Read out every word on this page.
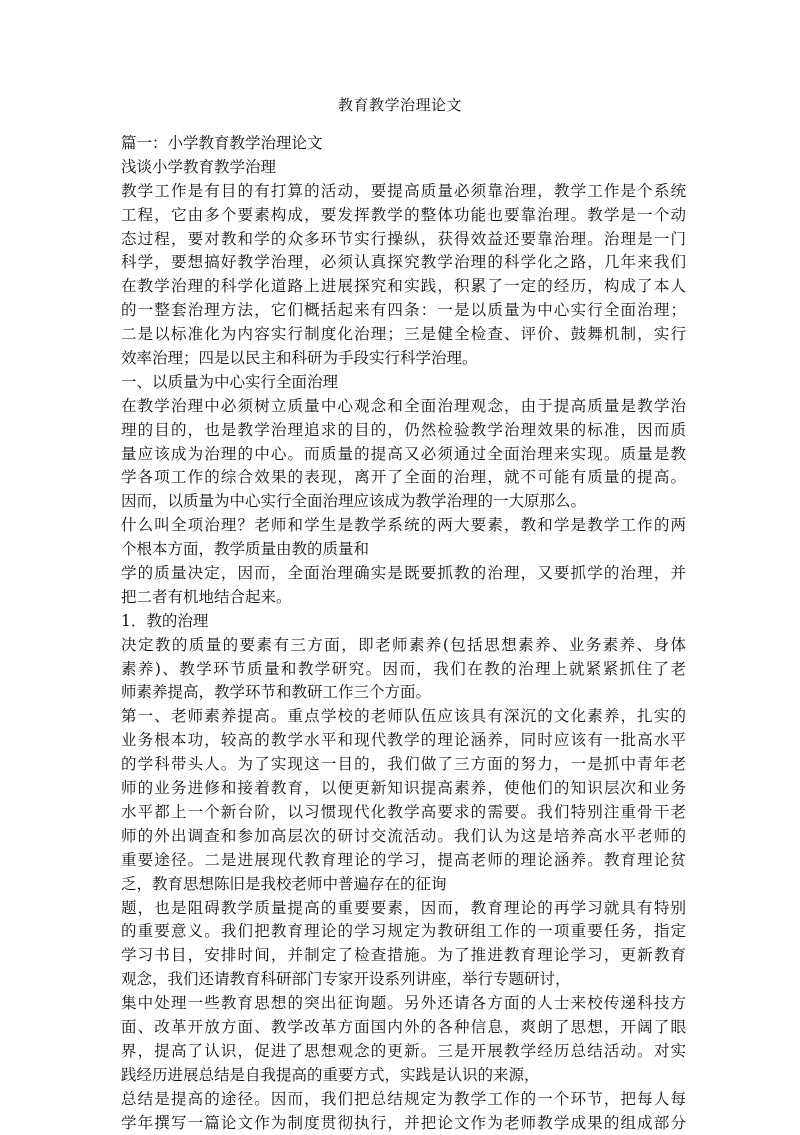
教育教学治理论文
篇一：小学教育教学治理论文
浅谈小学教育教学治理
教学工作是有目的有打算的活动，要提高质量必须靠治理，教学工作是个系统
工程，它由多个要素构成，要发挥教学的整体功能也要靠治理。教学是一个动
态过程，要对教和学的众多环节实行操纵，获得效益还要靠治理。治理是一门
科学，要想搞好教学治理，必须认真探究教学治理的科学化之路，几年来我们
在教学治理的科学化道路上进展探究和实践，积累了一定的经历，构成了本人
的一整套治理方法，它们概括起来有四条：一是以质量为中心实行全面治理；
二是以标准化为内容实行制度化治理；三是健全检查、评价、鼓舞机制，实行
效率治理；四是以民主和科研为手段实行科学治理。
一、以质量为中心实行全面治理
在教学治理中必须树立质量中心观念和全面治理观念，由于提高质量是教学治
理的目的，也是教学治理追求的目的，仍然检验教学治理效果的标准，因而质
量应该成为治理的中心。而质量的提高又必须通过全面治理来实现。质量是教
学各项工作的综合效果的表现，离开了全面的治理，就不可能有质量的提高。
因而，以质量为中心实行全面治理应该成为教学治理的一大原那么。
什么叫全项治理？老师和学生是教学系统的两大要素，教和学是教学工作的两
个根本方面，教学质量由教的质量和
学的质量决定，因而，全面治理确实是既要抓教的治理，又要抓学的治理，并
把二者有机地结合起来。
1．教的治理
决定教的质量的要素有三方面，即老师素养(包括思想素养、业务素养、身体
素养)、教学环节质量和教学研究。因而，我们在教的治理上就紧紧抓住了老
师素养提高，教学环节和教研工作三个方面。
第一、老师素养提高。重点学校的老师队伍应该具有深沉的文化素养，扎实的
业务根本功，较高的教学水平和现代教学的理论涵养，同时应该有一批高水平
的学科带头人。为了实现这一目的，我们做了三方面的努力，一是抓中青年老
师的业务进修和接着教育，以便更新知识提高素养，使他们的知识层次和业务
水平都上一个新台阶，以习惯现代化教学高要求的需要。我们特别注重骨干老
师的外出调查和参加高层次的研讨交流活动。我们认为这是培养高水平老师的
重要途径。二是进展现代教育理论的学习，提高老师的理论涵养。教育理论贫
乏，教育思想陈旧是我校老师中普遍存在的征询
题，也是阻碍教学质量提高的重要要素，因而，教育理论的再学习就具有特别
的重要意义。我们把教育理论的学习规定为教研组工作的一项重要任务，指定
学习书目，安排时间，并制定了检查措施。为了推进教育理论学习，更新教育
观念，我们还请教育科研部门专家开设系列讲座，举行专题研讨，
集中处理一些教育思想的突出征询题。另外还请各方面的人士来校传递科技方
面、改革开放方面、教学改革方面国内外的各种信息，爽朗了思想，开阔了眼
界，提高了认识，促进了思想观念的更新。三是开展教学经历总结活动。对实
践经历进展总结是自我提高的重要方式，实践是认识的来源，
总结是提高的途径。因而，我们把总结规定为教学工作的一个环节，把每人每
学年撰写一篇论文作为制度贯彻执行，并把论文作为老师教学成果的组成部分
